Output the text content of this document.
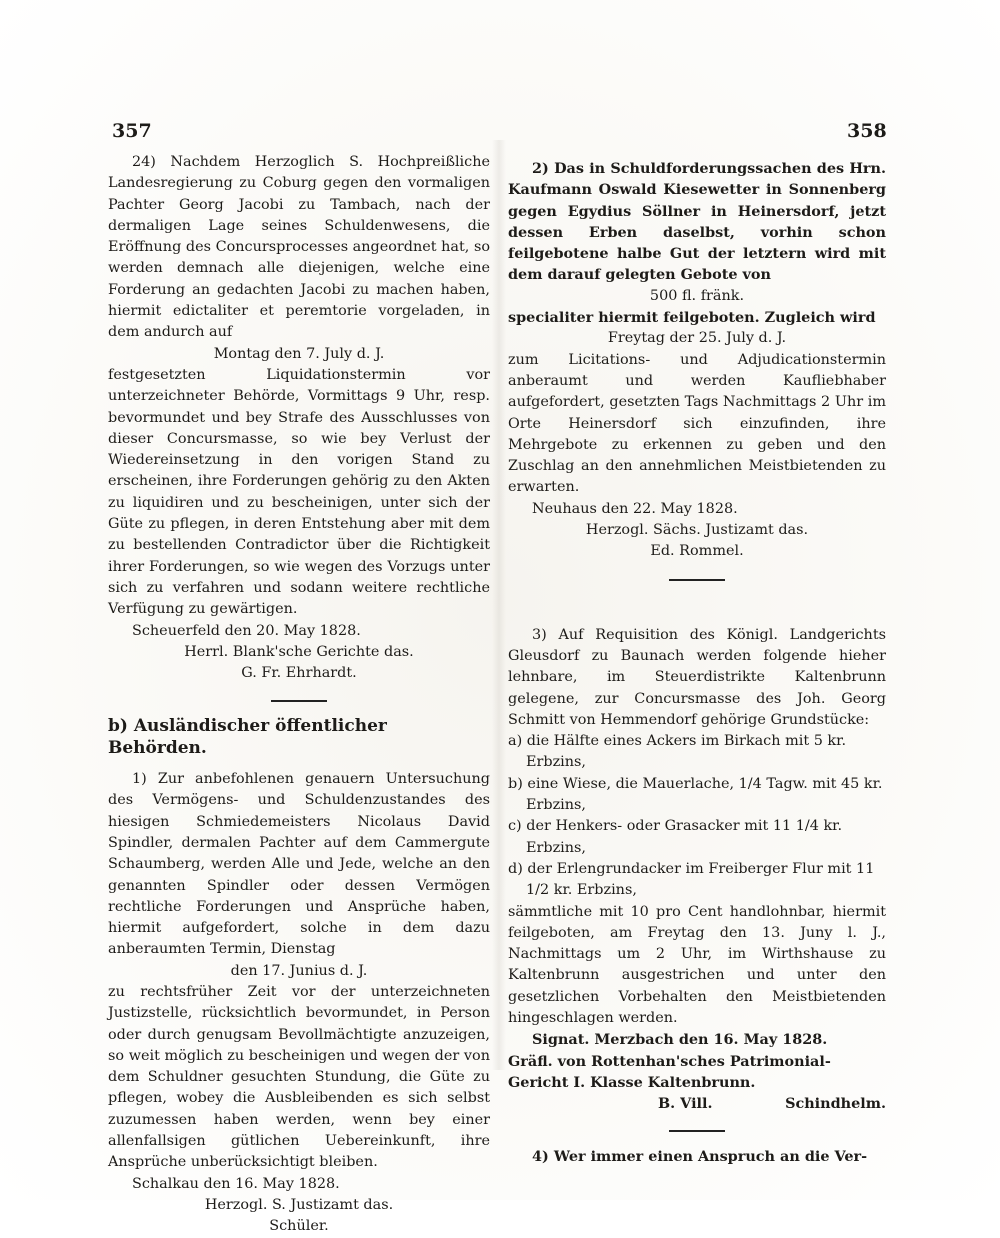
357	358

24) Nachdem Herzoglich S. Hochpreißliche Landesregierung zu Coburg gegen den vormaligen Pachter Georg Jacobi zu Tambach, nach der dermaligen Lage seines Schuldenwesens, die Eröffnung des Concursprocesses angeordnet hat, so werden demnach alle diejenigen, welche eine Forderung an gedachten Jacobi zu machen haben, hiermit edictaliter et peremtorie vorgeladen, in dem andurch auf

Montag den 7. July d. J.

festgesetzten Liquidationstermin vor unterzeichneter Behörde, Vormittags 9 Uhr, resp. bevormundet und bey Strafe des Ausschlusses von dieser Concursmasse, so wie bey Verlust der Wiedereinsetzung in den vorigen Stand zu erscheinen, ihre Forderungen gehörig zu den Akten zu liquidiren und zu bescheinigen, unter sich der Güte zu pflegen, in deren Entstehung aber mit dem zu bestellenden Contradictor über die Richtigkeit ihrer Forderungen, so wie wegen des Vorzugs unter sich zu verfahren und sodann weitere rechtliche Verfügung zu gewärtigen.

Scheuerfeld den 20. May 1828.

Herrl. Blank'sche Gerichte das.

G. Fr. Ehrhardt.

b) Ausländischer öffentlicher Behörden.

1) Zur anbefohlenen genauern Untersuchung des Vermögens- und Schuldenzustandes des hiesigen Schmiedemeisters Nicolaus David Spindler, dermalen Pachter auf dem Cammergute Schaumberg, werden Alle und Jede, welche an den genannten Spindler oder dessen Vermögen rechtliche Forderungen und Ansprüche haben, hiermit aufgefordert, solche in dem dazu anberaumten Termin, Dienstag

den 17. Junius d. J.

zu rechtsfrüher Zeit vor der unterzeichneten Justizstelle, rücksichtlich bevormundet, in Person oder durch genugsam Bevollmächtigte anzuzeigen, so weit möglich zu bescheinigen und wegen der von dem Schuldner gesuchten Stundung, die Güte zu pflegen, wobey die Ausbleibenden es sich selbst zuzumessen haben werden, wenn bey einer allenfallsigen gütlichen Uebereinkunft, ihre Ansprüche unberücksichtigt bleiben.

Schalkau den 16. May 1828.

Herzogl. S. Justizamt das.

Schüler.

2) Das in Schuldforderungssachen des Hrn. Kaufmann Oswald Kiesewetter in Sonnenberg gegen Egydius Söllner in Heinersdorf, jetzt dessen Erben daselbst, vorhin schon feilgebotene halbe Gut der letztern wird mit dem darauf gelegten Gebote von

500 fl. fränk.

specialiter hiermit feilgeboten. Zugleich wird

Freytag der 25. July d. J.

zum Licitations- und Adjudicationstermin anberaumt und werden Kaufliebhaber aufgefordert, gesetzten Tags Nachmittags 2 Uhr im Orte Heinersdorf sich einzufinden, ihre Mehrgebote zu erkennen zu geben und den Zuschlag an den annehmlichen Meistbietenden zu erwarten.

Neuhaus den 22. May 1828.

Herzogl. Sächs. Justizamt das.

Ed. Rommel.

3) Auf Requisition des Königl. Landgerichts Gleusdorf zu Baunach werden folgende hieher lehnbare, im Steuerdistrikte Kaltenbrunn gelegene, zur Concursmasse des Joh. Georg Schmitt von Hemmendorf gehörige Grundstücke:

a) die Hälfte eines Ackers im Birkach mit 5 kr. Erbzins,

b) eine Wiese, die Mauerlache, 1/4 Tagw. mit 45 kr. Erbzins,

c) der Henkers- oder Grasacker mit 11 1/4 kr. Erbzins,

d) der Erlengrundacker im Freiberger Flur mit 11 1/2 kr. Erbzins,

sämmtliche mit 10 pro Cent handlohnbar, hiermit feilgeboten, am Freytag den 13. Juny l. J., Nachmittags um 2 Uhr, im Wirthshause zu Kaltenbrunn ausgestrichen und unter den gesetzlichen Vorbehalten den Meistbietenden hingeschlagen werden.

Signat. Merzbach den 16. May 1828.

Gräfl. von Rottenhan'sches Patrimonial-Gericht I. Klasse Kaltenbrunn.

B. Vill.	Schindhelm.

4) Wer immer einen Anspruch an die Ver-
